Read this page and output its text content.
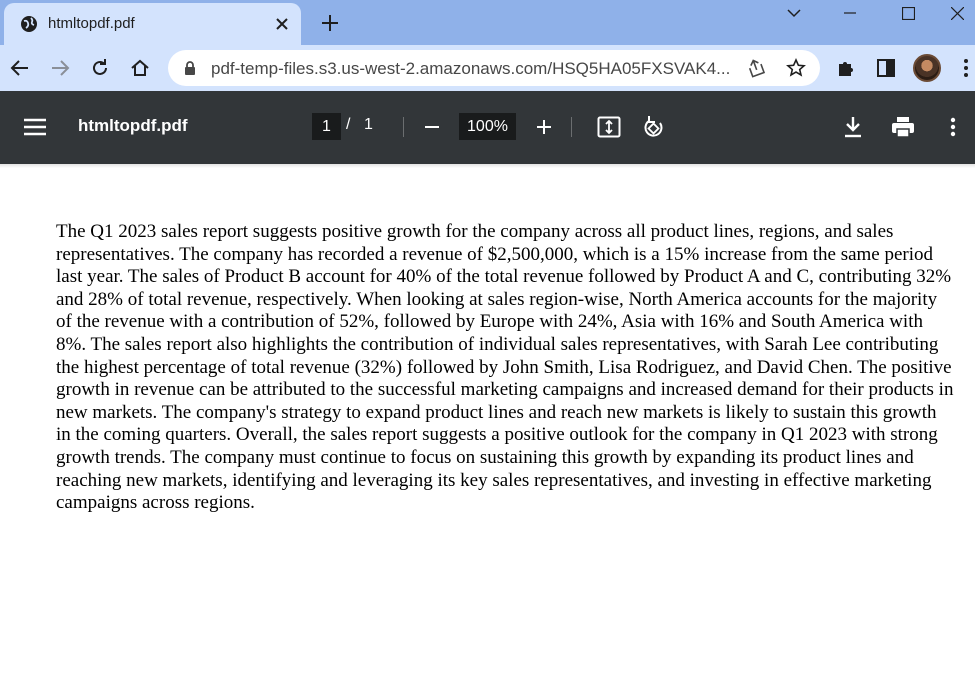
htmltopdf.pdf
pdf-temp-files.s3.us-west-2.amazonaws.com/HSQ5HA05FXSVAK4...
htmltopdf.pdf	1 / 1	100%

The Q1 2023 sales report suggests positive growth for the company across all product lines, regions, and sales representatives. The company has recorded a revenue of $2,500,000, which is a 15% increase from the same period last year. The sales of Product B account for 40% of the total revenue followed by Product A and C, contributing 32% and 28% of total revenue, respectively. When looking at sales region-wise, North America accounts for the majority of the revenue with a contribution of 52%, followed by Europe with 24%, Asia with 16% and South America with 8%. The sales report also highlights the contribution of individual sales representatives, with Sarah Lee contributing the highest percentage of total revenue (32%) followed by John Smith, Lisa Rodriguez, and David Chen. The positive growth in revenue can be attributed to the successful marketing campaigns and increased demand for their products in new markets. The company's strategy to expand product lines and reach new markets is likely to sustain this growth in the coming quarters. Overall, the sales report suggests a positive outlook for the company in Q1 2023 with strong growth trends. The company must continue to focus on sustaining this growth by expanding its product lines and reaching new markets, identifying and leveraging its key sales representatives, and investing in effective marketing campaigns across regions.
